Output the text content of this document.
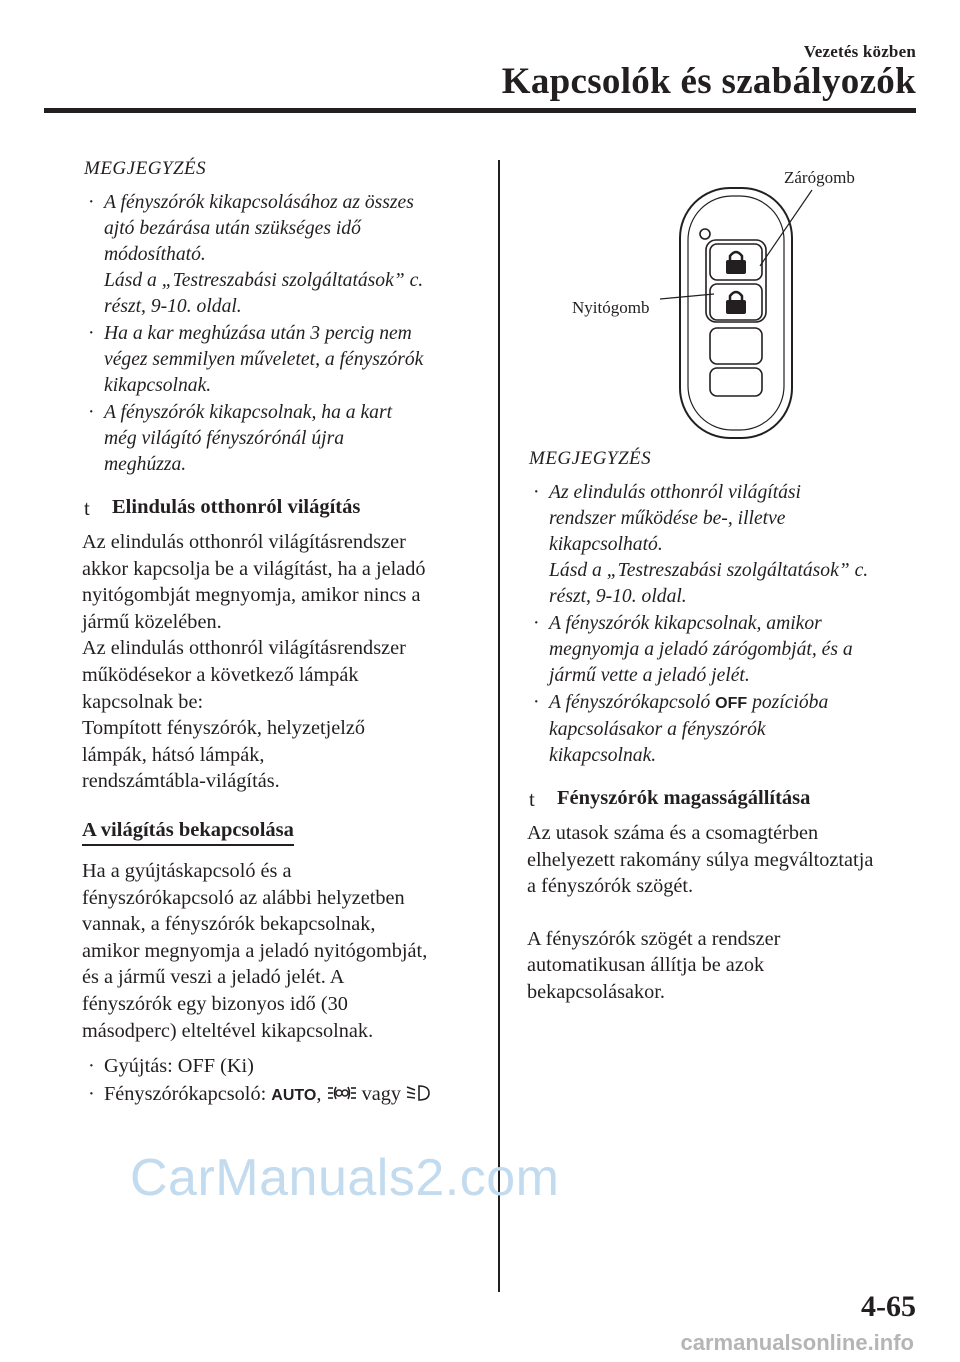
Vezetés közben
Kapcsolók és szabályozók
MEGJEGYZÉS
· A fényszórók kikapcsolásához az összes
ajtó bezárása után szükséges idő
módosítható.
Lásd a „Testreszabási szolgáltatások” c.
részt, 9-10. oldal.
· Ha a kar meghúzása után 3 percig nem
végez semmilyen műveletet, a fényszórók
kikapcsolnak.
· A fényszórók kikapcsolnak, ha a kart
még világító fényszórónál újra
meghúzza.
t Elindulás otthonról világítás

Az elindulás otthonról világításrendszer
akkor kapcsolja be a világítást, ha a jeladó
nyitógombját megnyomja, amikor nincs a
jármű közelében.
Az elindulás otthonról világításrendszer
működésekor a következő lámpák
kapcsolnak be:
Tompított fényszórók, helyzetjelző
lámpák, hátsó lámpák,
rendszámtábla-világítás.

A világítás bekapcsolása

Ha a gyújtáskapcsoló és a
fényszórókapcsoló az alábbi helyzetben
vannak, a fényszórók bekapcsolnak,
amikor megnyomja a jeladó nyitógombját,
és a jármű veszi a jeladó jelét. A
fényszórók egy bizonyos idő (30
másodperc) elteltével kikapcsolnak.

· Gyújtás: OFF (Ki)
· Fényszórókapcsoló: AUTO, vagy
Zárógomb
Nyitógomb
MEGJEGYZÉS
· Az elindulás otthonról világítási
rendszer működése be-, illetve
kikapcsolható.
Lásd a „Testreszabási szolgáltatások” c.
részt, 9-10. oldal.
· A fényszórók kikapcsolnak, amikor
megnyomja a jeladó zárógombját, és a
jármű vette a jeladó jelét.
· A fényszórókapcsoló OFF pozícióba
kapcsolásakor a fényszórók
kikapcsolnak.
t Fényszórók magasságállítása

Az utasok száma és a csomagtérben
elhelyezett rakomány súlya megváltoztatja
a fényszórók szögét.

A fényszórók szögét a rendszer
automatikusan állítja be azok
bekapcsolásakor.

CarManuals2.com
4-65
carmanualsonline.info
